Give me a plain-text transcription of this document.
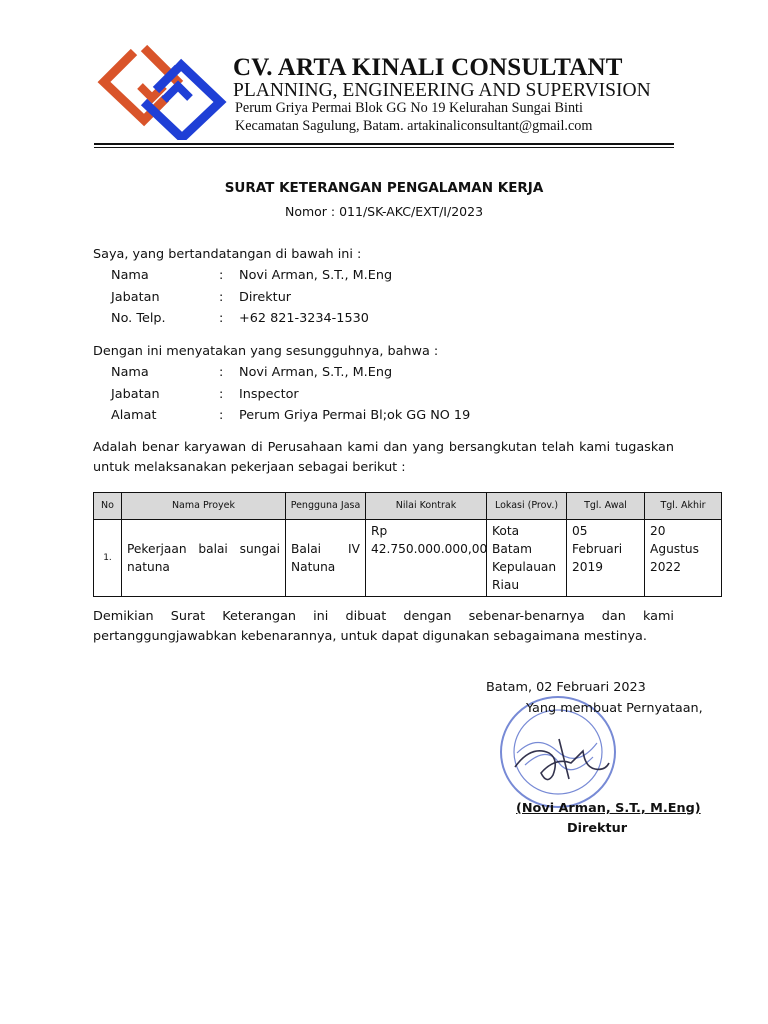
CV. ARTA KINALI CONSULTANT
PLANNING, ENGINEERING AND SUPERVISION
Perum Griya Permai Blok GG No 19 Kelurahan Sungai Binti
Kecamatan Sagulung, Batam. artakinaliconsultant@gmail.com
SURAT KETERANGAN PENGALAMAN KERJA
Nomor : 011/SK-AKC/EXT/I/2023
Saya, yang bertandatangan di bawah ini :
Nama	: Novi Arman, S.T., M.Eng
Jabatan	: Direktur
No. Telp.	: +62 821-3234-1530
Dengan ini menyatakan yang sesungguhnya, bahwa :
Nama	: Novi Arman, S.T., M.Eng
Jabatan	: Inspector
Alamat	: Perum Griya Permai Bl;ok GG NO 19
Adalah benar karyawan di Perusahaan kami dan yang bersangkutan telah kami tugaskan untuk melaksanakan pekerjaan sebagai berikut :
No	Nama Proyek	Pengguna Jasa	Nilai Kontrak	Lokasi (Prov.)	Tgl. Awal	Tgl. Akhir
1.	Pekerjaan balai sungai natuna	Balai IV Natuna	Rp 42.750.000.000,00	Kota Batam Kepulauan Riau	05 Februari 2019	20 Agustus 2022
Demikian Surat Keterangan ini dibuat dengan sebenar-benarnya dan kami pertanggungjawabkan kebenarannya, untuk dapat digunakan sebagaimana mestinya.
Batam, 02 Februari 2023
Yang membuat Pernyataan,
(Novi Arman, S.T., M.Eng)
Direktur
